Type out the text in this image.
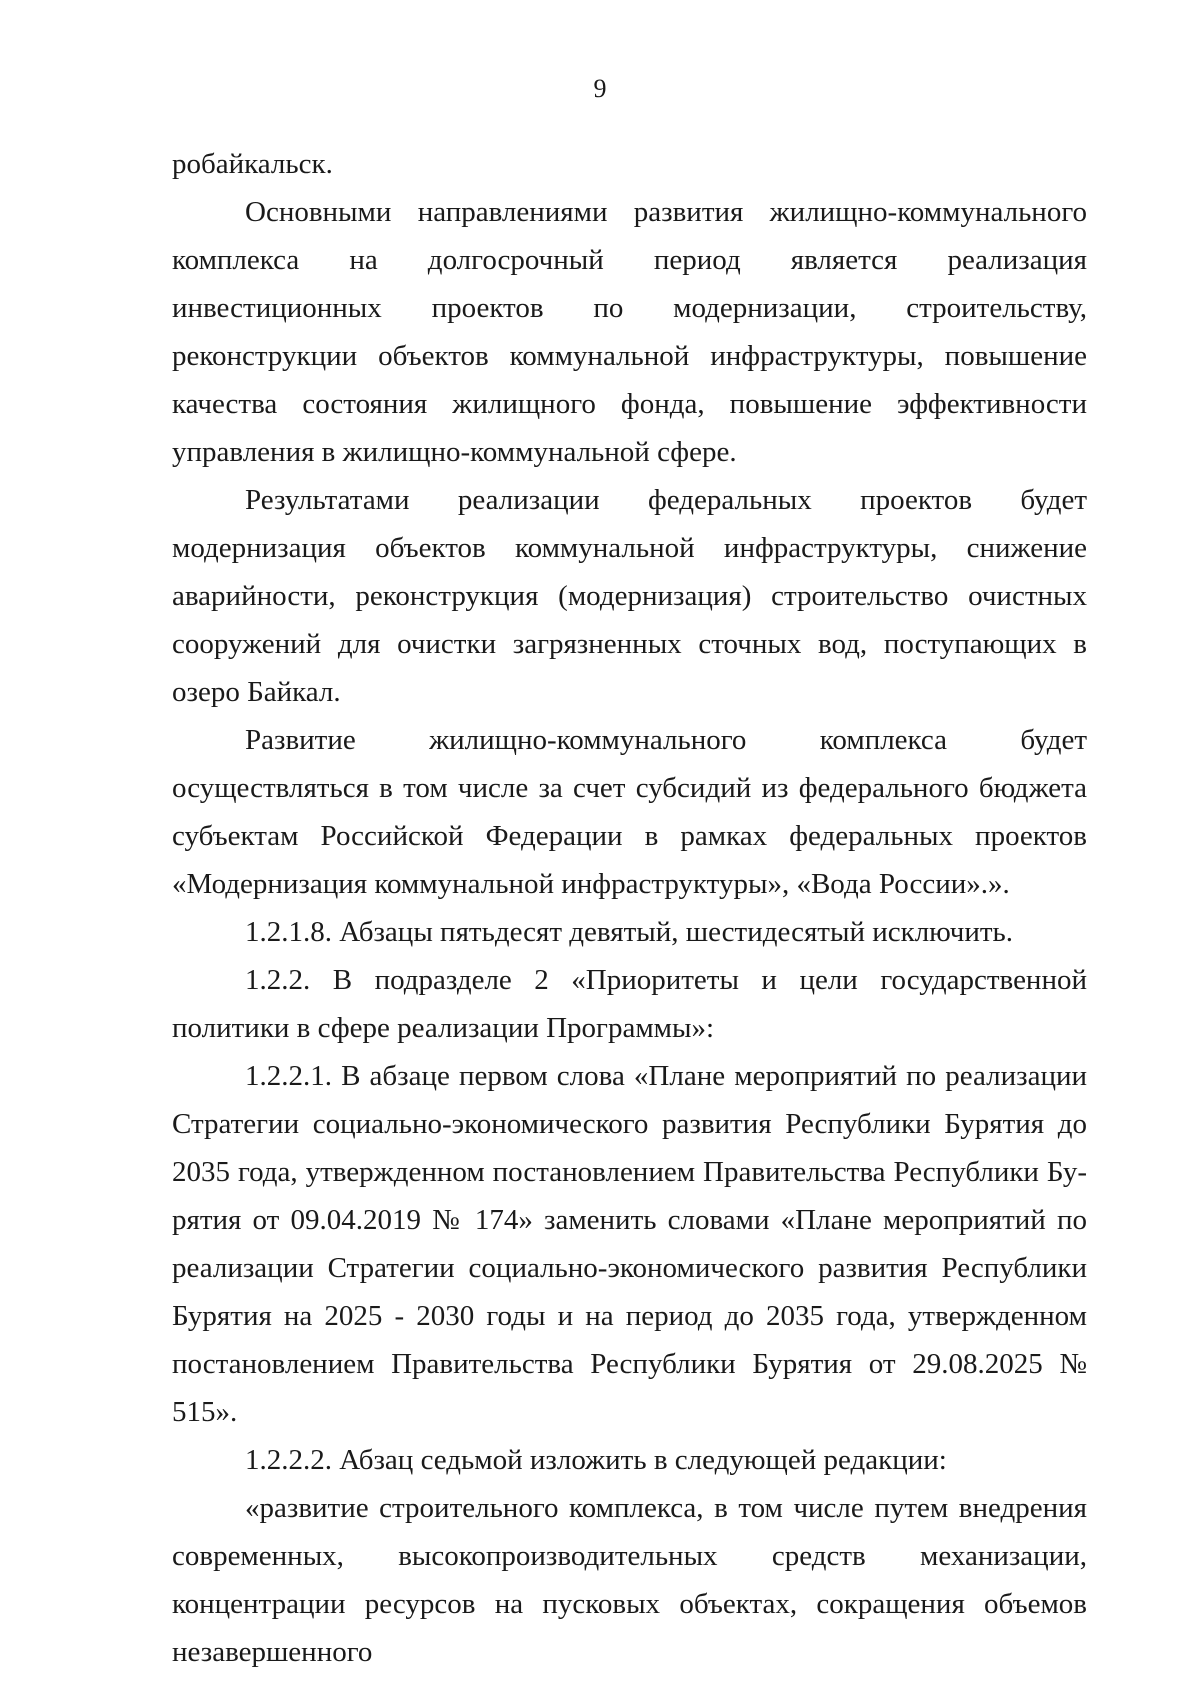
9

робайкальск.

Основными направлениями развития жилищно-коммунального комплекса на долгосрочный период является реализация инвестиционных проектов по модернизации, строительству, реконструкции объектов коммунальной инфраструктуры, повышение качества состояния жилищного фонда, повышение эффективности управления в жилищно-коммунальной сфере.

Результатами реализации федеральных проектов будет модернизация объектов коммунальной инфраструктуры, снижение аварийности, реконструкция (модернизация) строительство очистных сооружений для очистки загрязненных сточных вод, поступающих в озеро Байкал.

Развитие жилищно-коммунального комплекса будет осуществляться в том числе за счет субсидий из федерального бюджета субъектам Российской Федерации в рамках федеральных проектов «Модернизация коммунальной инфраструктуры», «Вода России».».

1.2.1.8. Абзацы пятьдесят девятый, шестидесятый исключить.

1.2.2. В подразделе 2 «Приоритеты и цели государственной политики в сфере реализации Программы»:

1.2.2.1. В абзаце первом слова «Плане мероприятий по реализации Стратегии социально-экономического развития Республики Бурятия до 2035 года, утвержденном постановлением Правительства Республики Бурятия от 09.04.2019 № 174» заменить словами «Плане мероприятий по реализации Стратегии социально-экономического развития Республики Бурятия на 2025 - 2030 годы и на период до 2035 года, утвержденном постановлением Правительства Республики Бурятия от 29.08.2025 № 515».

1.2.2.2. Абзац седьмой изложить в следующей редакции:

«развитие строительного комплекса, в том числе путем внедрения современных, высокопроизводительных средств механизации, концентрации ресурсов на пусковых объектах, сокращения объемов незавершенного
